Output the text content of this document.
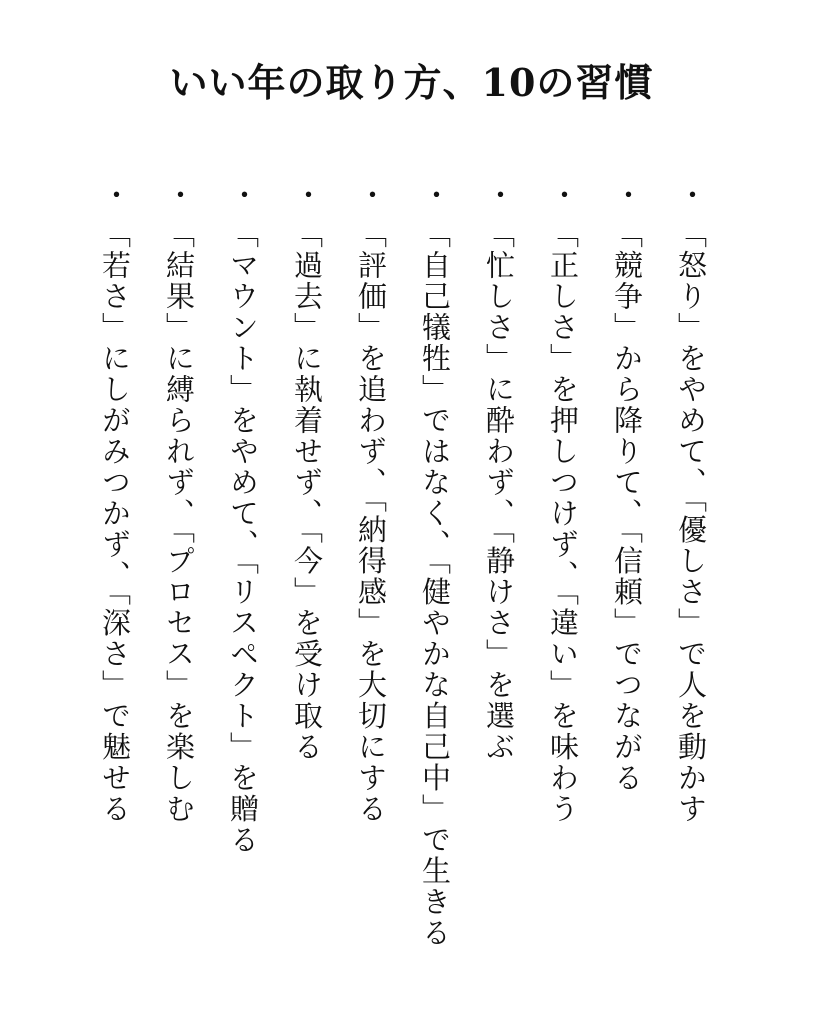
いい年の取り方、10の習慣
・「怒り」をやめて、「優しさ」で人を動かす
・「競争」から降りて、「信頼」でつながる
・「正しさ」を押しつけず、「違い」を味わう
・「忙しさ」に酔わず、「静けさ」を選ぶ
・「自己犠牲」ではなく、「健やかな自己中」で生きる
・「評価」を追わず、「納得感」を大切にする
・「過去」に執着せず、「今」を受け取る
・「マウント」をやめて、「リスペクト」を贈る
・「結果」に縛られず、「プロセス」を楽しむ
・「若さ」にしがみつかず、「深さ」で魅せる
